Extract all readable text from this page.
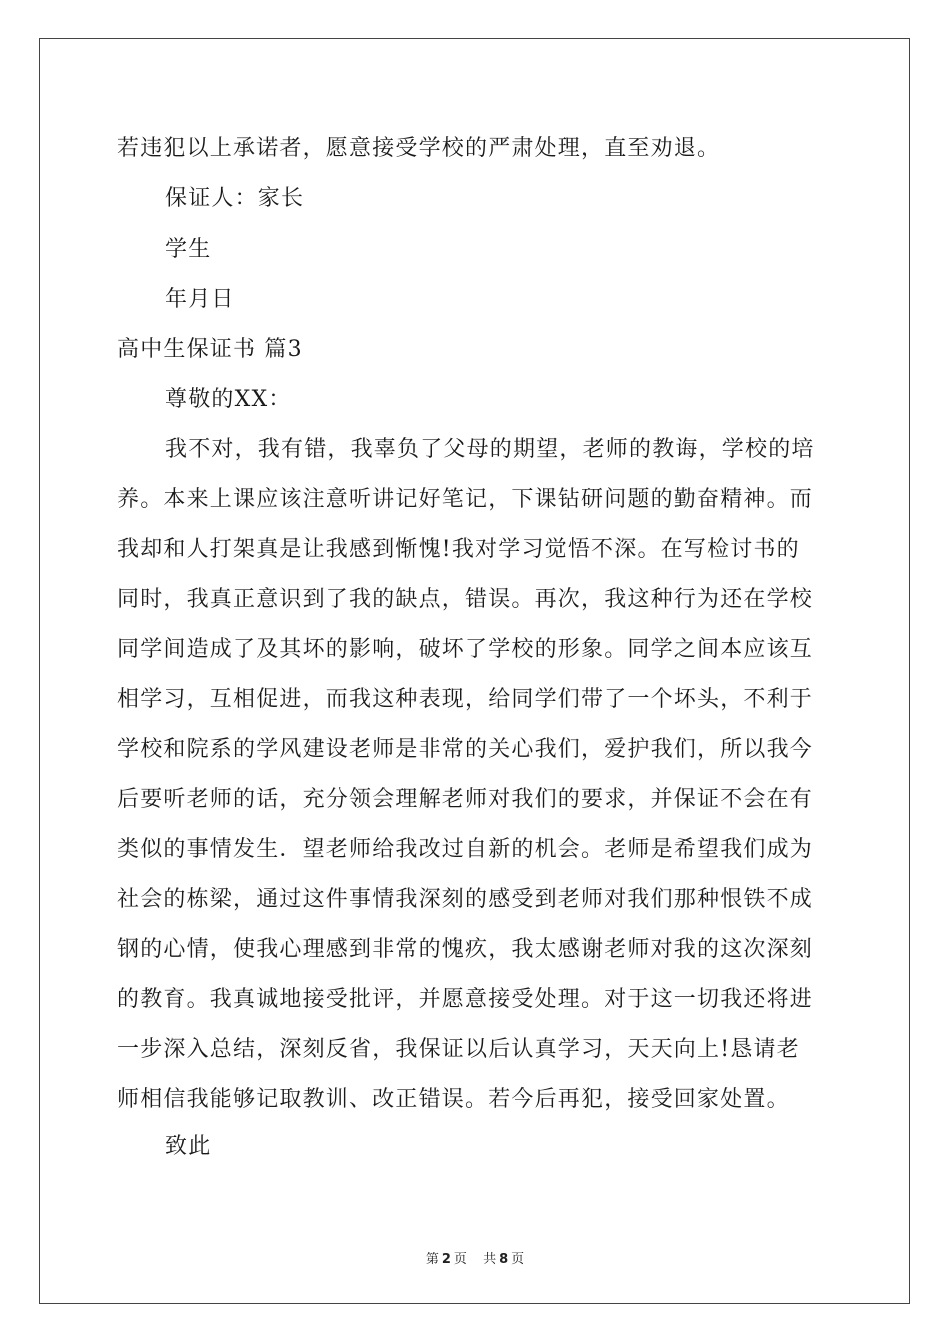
若违犯以上承诺者，愿意接受学校的严肃处理，直至劝退。
保证人：家长
学生
年月日
高中生保证书 篇3
尊敬的XX：
我不对，我有错，我辜负了父母的期望，老师的教诲，学校的培
养。本来上课应该注意听讲记好笔记，下课钻研问题的勤奋精神。而
我却和人打架真是让我感到惭愧!我对学习觉悟不深。在写检讨书的
同时，我真正意识到了我的缺点，错误。再次，我这种行为还在学校
同学间造成了及其坏的影响，破坏了学校的形象。同学之间本应该互
相学习，互相促进，而我这种表现，给同学们带了一个坏头，不利于
学校和院系的学风建设老师是非常的关心我们，爱护我们，所以我今
后要听老师的话，充分领会理解老师对我们的要求，并保证不会在有
类似的事情发生．望老师给我改过自新的机会。老师是希望我们成为
社会的栋梁，通过这件事情我深刻的感受到老师对我们那种恨铁不成
钢的心情，使我心理感到非常的愧疚，我太感谢老师对我的这次深刻
的教育。我真诚地接受批评，并愿意接受处理。对于这一切我还将进
一步深入总结，深刻反省，我保证以后认真学习，天天向上!恳请老
师相信我能够记取教训、改正错误。若今后再犯，接受回家处置。
致此
第 2 页 共 8 页
